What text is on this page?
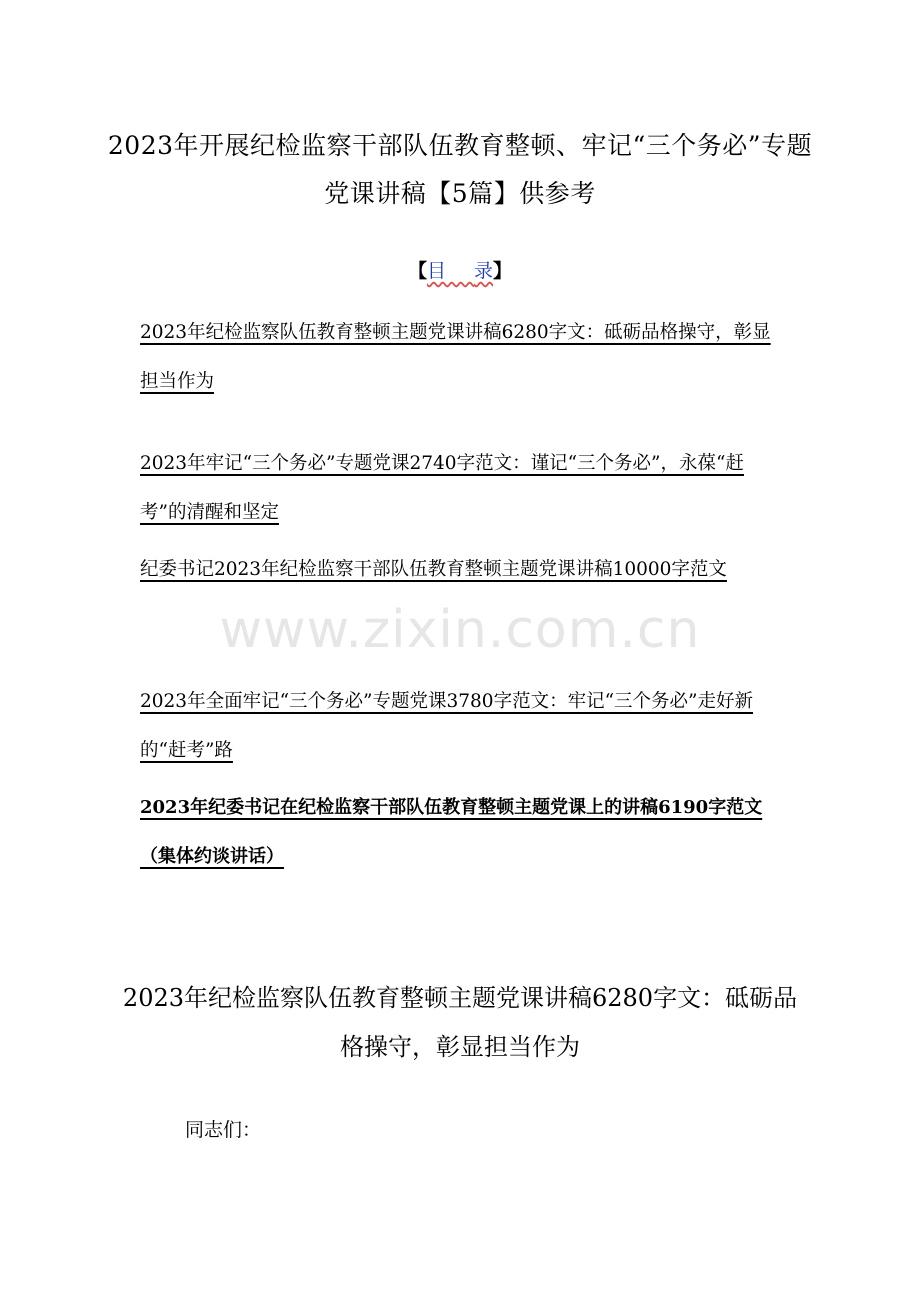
2023年开展纪检监察干部队伍教育整顿、牢记“三个务必”专题党课讲稿【5篇】供参考
【目录】
2023年纪检监察队伍教育整顿主题党课讲稿6280字文：砥砺品格操守，彰显担当作为
2023年牢记“三个务必”专题党课2740字范文：谨记“三个务必”，永葆“赶考”的清醒和坚定
纪委书记2023年纪检监察干部队伍教育整顿主题党课讲稿10000字范文
2023年全面牢记“三个务必”专题党课3780字范文：牢记“三个务必”走好新的“赶考”路
2023年纪委书记在纪检监察干部队伍教育整顿主题党课上的讲稿6190字范文（集体约谈讲话）
2023年纪检监察队伍教育整顿主题党课讲稿6280字文：砥砺品格操守，彰显担当作为
同志们：
www.zixin.com.cn
